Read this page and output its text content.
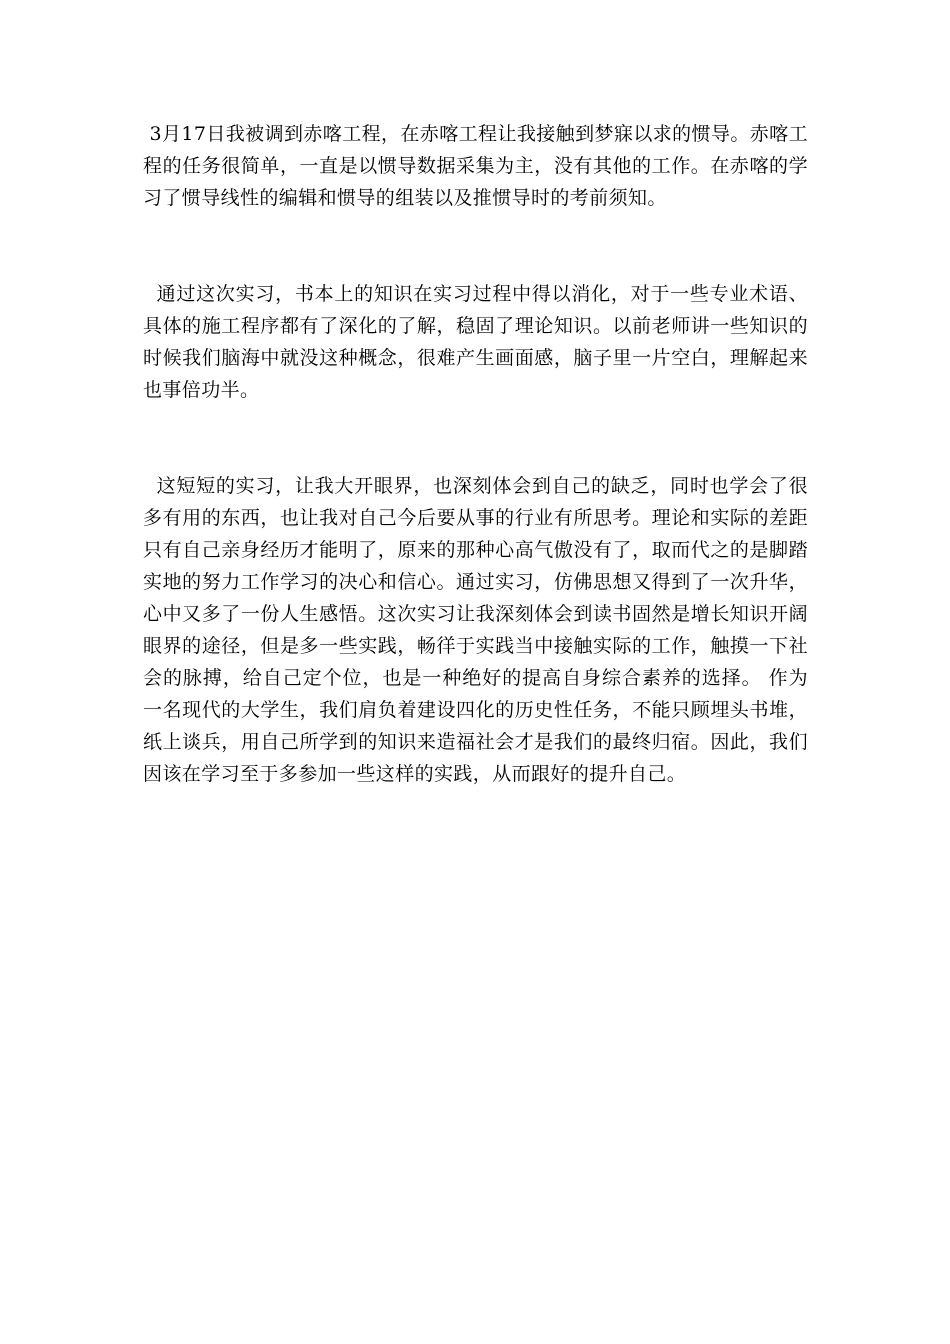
3月17日我被调到赤喀工程，在赤喀工程让我接触到梦寐以求的惯导。赤喀工程的任务很简单，一直是以惯导数据采集为主，没有其他的工作。在赤喀的学习了惯导线性的编辑和惯导的组装以及推惯导时的考前须知。

通过这次实习，书本上的知识在实习过程中得以消化，对于一些专业术语、具体的施工程序都有了深化的了解，稳固了理论知识。以前老师讲一些知识的时候我们脑海中就没这种概念，很难产生画面感，脑子里一片空白，理解起来也事倍功半。

这短短的实习，让我大开眼界，也深刻体会到自己的缺乏，同时也学会了很多有用的东西，也让我对自己今后要从事的行业有所思考。理论和实际的差距只有自己亲身经历才能明了，原来的那种心高气傲没有了，取而代之的是脚踏实地的努力工作学习的决心和信心。通过实习，仿佛思想又得到了一次升华，心中又多了一份人生感悟。这次实习让我深刻体会到读书固然是增长知识开阔眼界的途径，但是多一些实践，畅徉于实践当中接触实际的工作，触摸一下社会的脉搏，给自己定个位，也是一种绝好的提高自身综合素养的选择。 作为一名现代的大学生，我们肩负着建设四化的历史性任务，不能只顾埋头书堆，纸上谈兵，用自己所学到的知识来造福社会才是我们的最终归宿。因此，我们因该在学习至于多参加一些这样的实践，从而跟好的提升自己。
